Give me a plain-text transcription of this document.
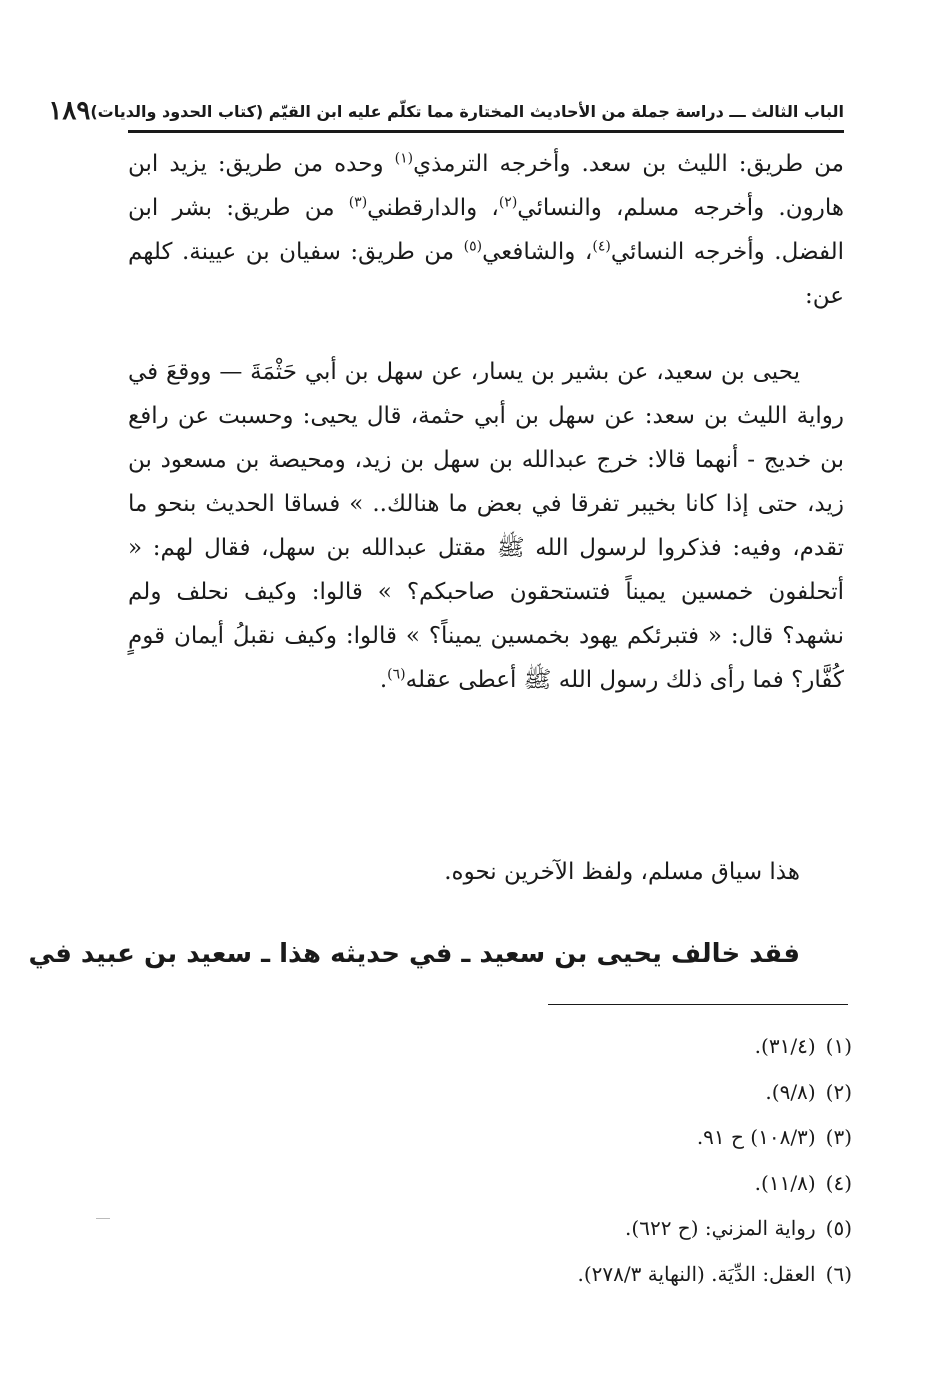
الباب الثالث ـــ دراسة جملة من الأحاديث المختارة مما تكلّم عليه ابن القيّم (كتاب الحدود والديات)
١٨٩
من طريق: الليث بن سعد. وأخرجه الترمذي$^{(١)}$ وحده من طريق: يزيد ابن هارون. وأخرجه مسلم، والنسائي$^{(٢)}$، والدارقطني$^{(٣)}$ من طريق: بشر ابن الفضل. وأخرجه النسائي$^{(٤)}$، والشافعي$^{(٥)}$ من طريق: سفيان بن عيينة. كلهم عن:

يحيى بن سعيد، عن بشير بن يسار، عن سهل بن أبي حَثْمَةَ — ووقعَ في رواية الليث بن سعد: عن سهل بن أبي حثمة، قال يحيى: وحسبت عن رافع بن خديج - أنهما قالا: خرج عبدالله بن سهل بن زيد، ومحيصة بن مسعود بن زيد، حتى إذا كانا بخيبر تفرقا في بعض ما هنالك.. » فساقا الحديث بنحو ما تقدم، وفيه: فذكروا لرسول الله ﷺ مقتل عبدالله بن سهل، فقال لهم: « أتحلفون خمسين يميناً فتستحقون صاحبكم؟ » قالوا: وكيف نحلف ولم نشهد؟ قال: « فتبرئكم يهود بخمسين يميناً؟ » قالوا: وكيف نقبلُ أيمان قومٍ كُفَّار؟ فما رأى ذلك رسول الله ﷺ أعطى عقله$^{(٦)}$.

هذا سياق مسلم، ولفظ الآخرين نحوه.
فقد خالف يحيى بن سعيد ـ في حديثه هذا ـ سعيد بن عبيد في
(١)
(٣١/٤).
(٢)
(٩/٨).
(٣)
(١٠٨/٣) ح ٩١.
(٤)
(١١/٨).
(٥)
رواية المزني: (ح ٦٢٢).
(٦)
العقل: الدِّيَة. (النهاية ٢٧٨/٣).
